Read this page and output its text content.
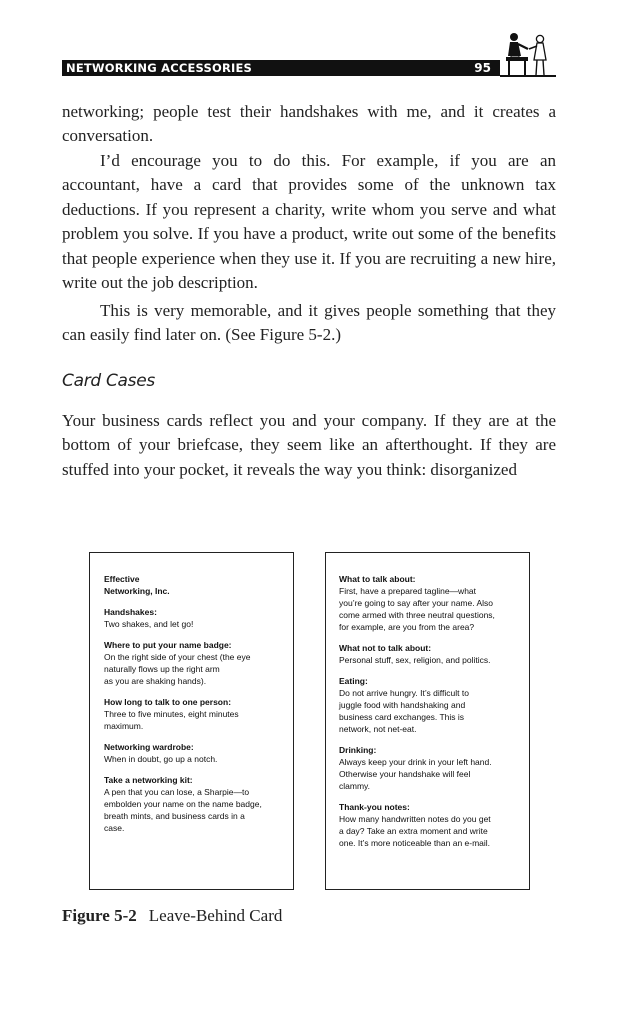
NETWORKING ACCESSORIES	95

networking; people test their handshakes with me, and it creates a conversation.

I’d encourage you to do this. For example, if you are an accountant, have a card that provides some of the unknown tax deductions. If you represent a charity, write whom you serve and what problem you solve. If you have a product, write out some of the benefits that people experience when they use it. If you are recruiting a new hire, write out the job description.

This is very memorable, and it gives people something that they can easily find later on. (See Figure 5-2.)

Card Cases

Your business cards reflect you and your company. If they are at the bottom of your briefcase, they seem like an afterthought. If they are stuffed into your pocket, it reveals the way you think: disorganized

Effective
Networking, Inc.
Handshakes:
Two shakes, and let go!
Where to put your name badge:
On the right side of your chest (the eye
naturally flows up the right arm
as you are shaking hands).
How long to talk to one person:
Three to five minutes, eight minutes
maximum.
Networking wardrobe:
When in doubt, go up a notch.
Take a networking kit:
A pen that you can lose, a Sharpie—to
embolden your name on the name badge,
breath mints, and business cards in a
case.
What to talk about:
First, have a prepared tagline—what
you’re going to say after your name. Also
come armed with three neutral questions,
for example, are you from the area?
What not to talk about:
Personal stuff, sex, religion, and politics.
Eating:
Do not arrive hungry. It’s difficult to
juggle food with handshaking and
business card exchanges. This is
network, not net-eat.
Drinking:
Always keep your drink in your left hand.
Otherwise your handshake will feel
clammy.
Thank-you notes:
How many handwritten notes do you get
a day? Take an extra moment and write
one. It’s more noticeable than an e-mail.

Figure 5-2 Leave-Behind Card
